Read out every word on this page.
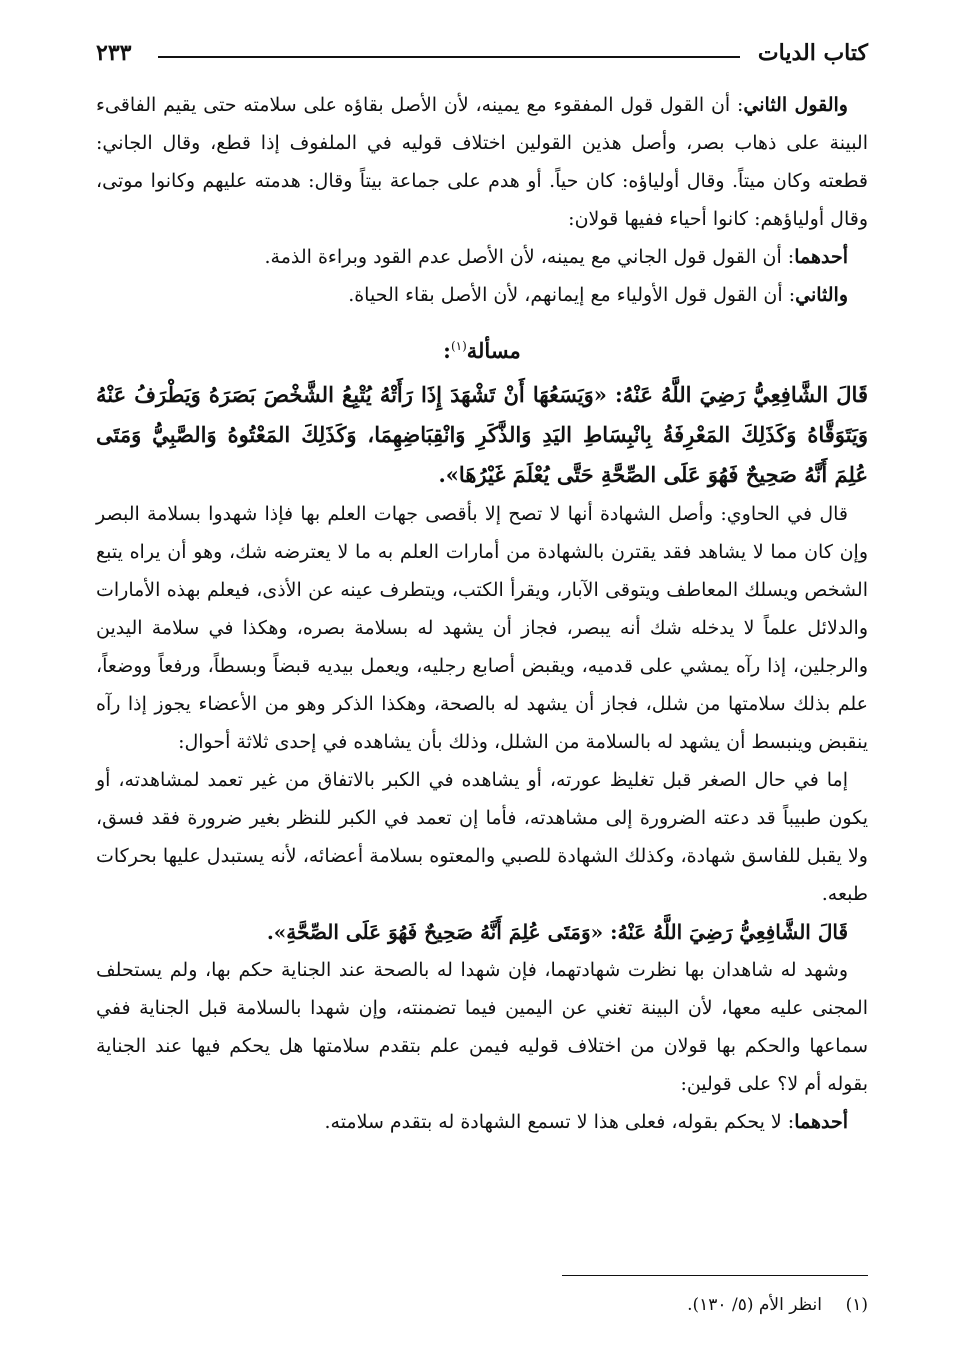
كتاب الديات
٢٣٣

والقول الثاني: أن القول قول المفقوء مع يمينه، لأن الأصل بقاؤه على سلامته حتى يقيم الفاقىء البينة على ذهاب بصر، وأصل هذين القولين اختلاف قوليه في الملفوف إذا قطع، وقال الجاني: قطعته وكان ميتاً. وقال أولياؤه: كان حياً. أو هدم على جماعة بيتاً وقال: هدمته عليهم وكانوا موتى، وقال أولياؤهم: كانوا أحياء ففيها قولان:

أحدهما: أن القول قول الجاني مع يمينه، لأن الأصل عدم القود وبراءة الذمة.

والثاني: أن القول قول الأولياء مع إيمانهم، لأن الأصل بقاء الحياة.

مسألة$^{(١)}$:

قَالَ الشَّافِعِيُّ رَضِيَ اللَّهُ عَنْهُ: «وَيَسَعُهَا أَنْ تَشْهَدَ إِذَا رَأَتْهُ يُتْبِعُ الشَّخْصَ بَصَرَهُ وَيَطْرَفُ عَنْهُ وَيَتَوَقَّاهُ وَكَذَلِكَ المَعْرِفَةُ بِانْبِسَاطِ اليَدِ وَالذَّكَرِ وَانْقِبَاضِهِمَا، وَكَذَلِكَ المَعْتُوهُ وَالصَّبِيُّ وَمَتَى عُلِمَ أَنَّهُ صَحِيحٌ فَهُوَ عَلَى الصِّحَّةِ حَتَّى يُعْلَمَ غَيْرُهَا».

قال في الحاوي: وأصل الشهادة أنها لا تصح إلا بأقصى جهات العلم بها فإذا شهدوا بسلامة البصر وإن كان مما لا يشاهد فقد يقترن بالشهادة من أمارات العلم به ما لا يعترضه شك، وهو أن يراه يتبع الشخص ويسلك المعاطف ويتوقى الآبار، ويقرأ الكتب، ويتطرف عينه عن الأذى، فيعلم بهذه الأمارات والدلائل علماً لا يدخله شك أنه يبصر، فجاز أن يشهد له بسلامة بصره، وهكذا في سلامة اليدين والرجلين، إذا رآه يمشي على قدميه، ويقبض أصابع رجليه، ويعمل بيديه قبضاً وبسطاً، ورفعاً ووضعاً، علم بذلك سلامتها من شلل، فجاز أن يشهد له بالصحة، وهكذا الذكر وهو من الأعضاء يجوز إذا رآه ينقبض وينبسط أن يشهد له بالسلامة من الشلل، وذلك بأن يشاهده في إحدى ثلاثة أحوال:

إما في حال الصغر قبل تغليظ عورته، أو يشاهده في الكبر بالاتفاق من غير تعمد لمشاهدته، أو يكون طبيباً قد دعته الضرورة إلى مشاهدته، فأما إن تعمد في الكبر للنظر بغير ضرورة فقد فسق، ولا يقبل للفاسق شهادة، وكذلك الشهادة للصبي والمعتوه بسلامة أعضائه، لأنه يستبدل عليها بحركات طبعه.

قَالَ الشَّافِعِيُّ رَضِيَ اللَّهُ عَنْهُ: «وَمَتَى عُلِمَ أَنَّهُ صَحِيحٌ فَهُوَ عَلَى الصِّحَّةِ».

وشهد له شاهدان بها نظرت شهادتهما، فإن شهدا له بالصحة عند الجناية حكم بها، ولم يستحلف المجنى عليه معها، لأن البينة تغني عن اليمين فيما تضمنته، وإن شهدا بالسلامة قبل الجناية ففي سماعها والحكم بها قولان من اختلاف قوليه فيمن علم بتقدم سلامتها هل يحكم فيها عند الجناية بقوله أم لا؟ على قولين:

أحدهما: لا يحكم بقوله، فعلى هذا لا تسمع الشهادة له بتقدم سلامته.

(١)انظر الأم (٥/ ١٣٠).
